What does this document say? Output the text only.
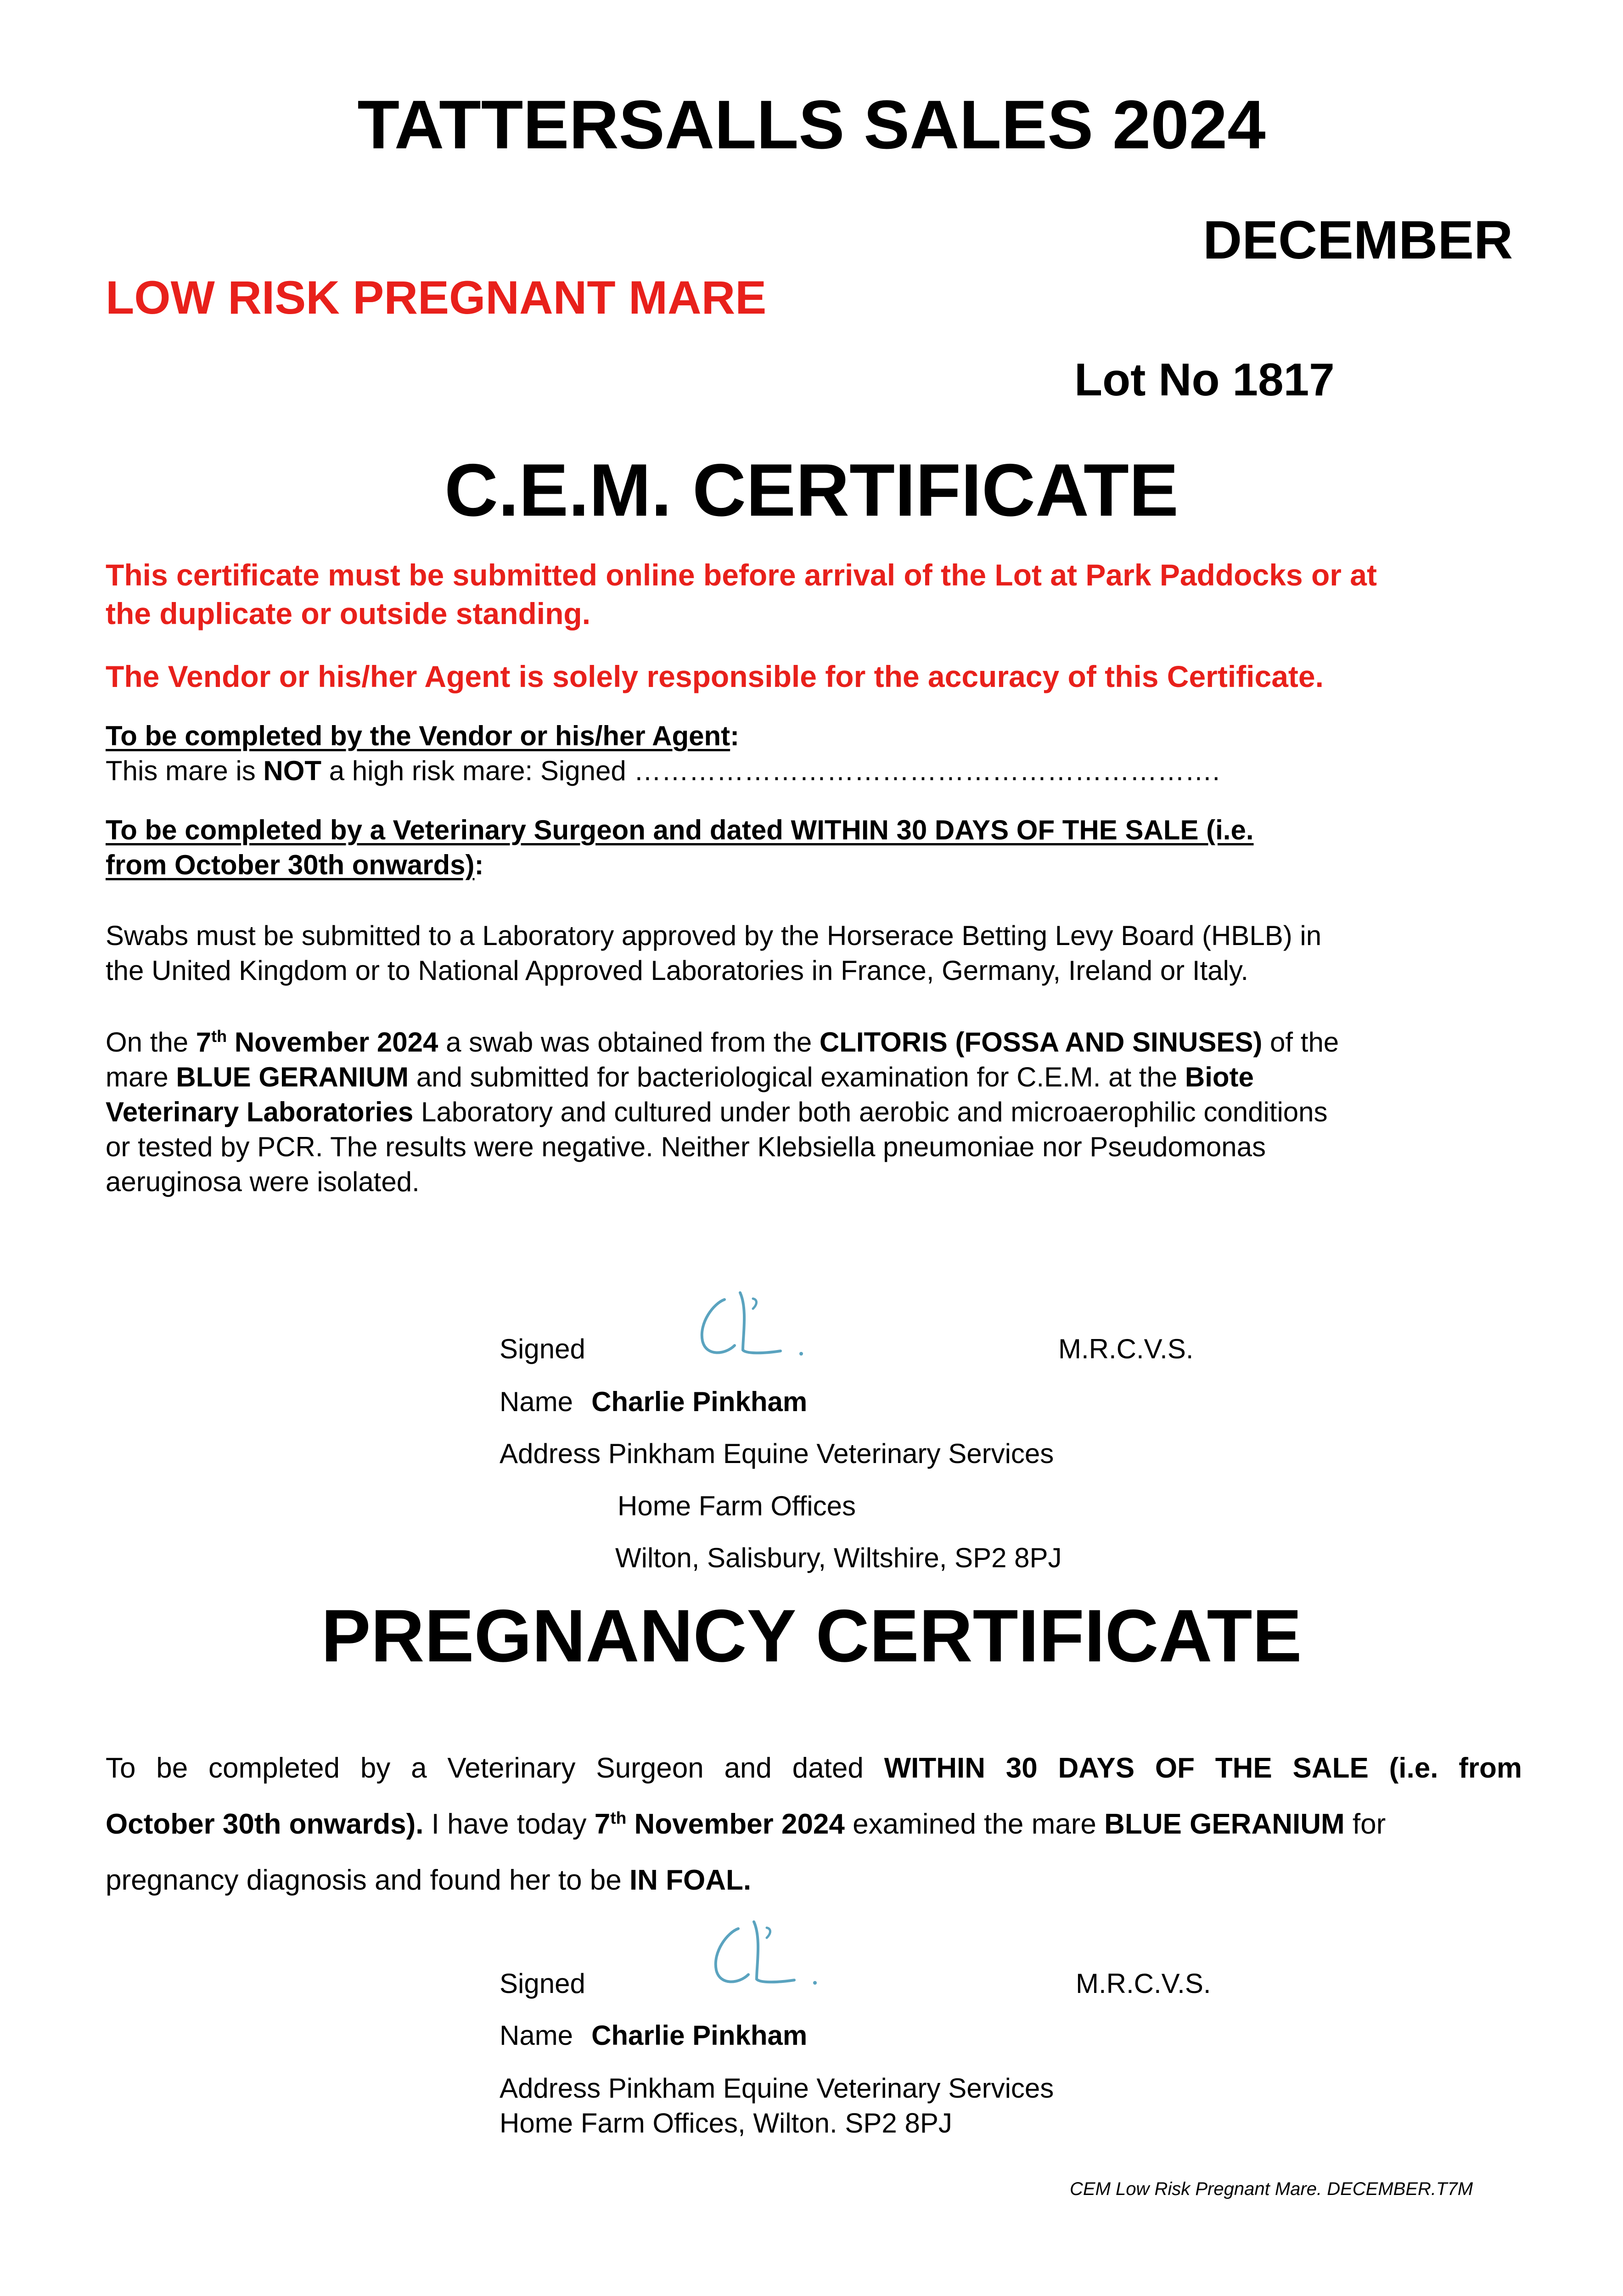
TATTERSALLS SALES 2024
DECEMBER
LOW RISK PREGNANT MARE
Lot No 1817
C.E.M. CERTIFICATE
This certificate must be submitted online before arrival of the Lot at Park Paddocks or at
the duplicate or outside standing.
The Vendor or his/her Agent is solely responsible for the accuracy of this Certificate.
To be completed by the Vendor or his/her Agent:
This mare is NOT a high risk mare: Signed ……………………………………………………….
To be completed by a Veterinary Surgeon and dated WITHIN 30 DAYS OF THE SALE (i.e.
from October 30th onwards):
Swabs must be submitted to a Laboratory approved by the Horserace Betting Levy Board (HBLB) in
the United Kingdom or to National Approved Laboratories in France, Germany, Ireland or Italy.
On the 7th November 2024 a swab was obtained from the CLITORIS (FOSSA AND SINUSES) of the
mare BLUE GERANIUM and submitted for bacteriological examination for C.E.M. at the Biote
Veterinary Laboratories Laboratory and cultured under both aerobic and microaerophilic conditions
or tested by PCR. The results were negative. Neither Klebsiella pneumoniae nor Pseudomonas
aeruginosa were isolated.
Signed	M.R.C.V.S.
Name Charlie Pinkham
Address Pinkham Equine Veterinary Services
Home Farm Offices
Wilton, Salisbury, Wiltshire, SP2 8PJ
PREGNANCY CERTIFICATE
To be completed by a Veterinary Surgeon and dated WITHIN 30 DAYS OF THE SALE (i.e. from
October 30th onwards). I have today 7th November 2024 examined the mare BLUE GERANIUM for
pregnancy diagnosis and found her to be IN FOAL.
Signed	M.R.C.V.S.
Name Charlie Pinkham
Address Pinkham Equine Veterinary Services
Home Farm Offices, Wilton. SP2 8PJ
CEM Low Risk Pregnant Mare. DECEMBER.T7M
